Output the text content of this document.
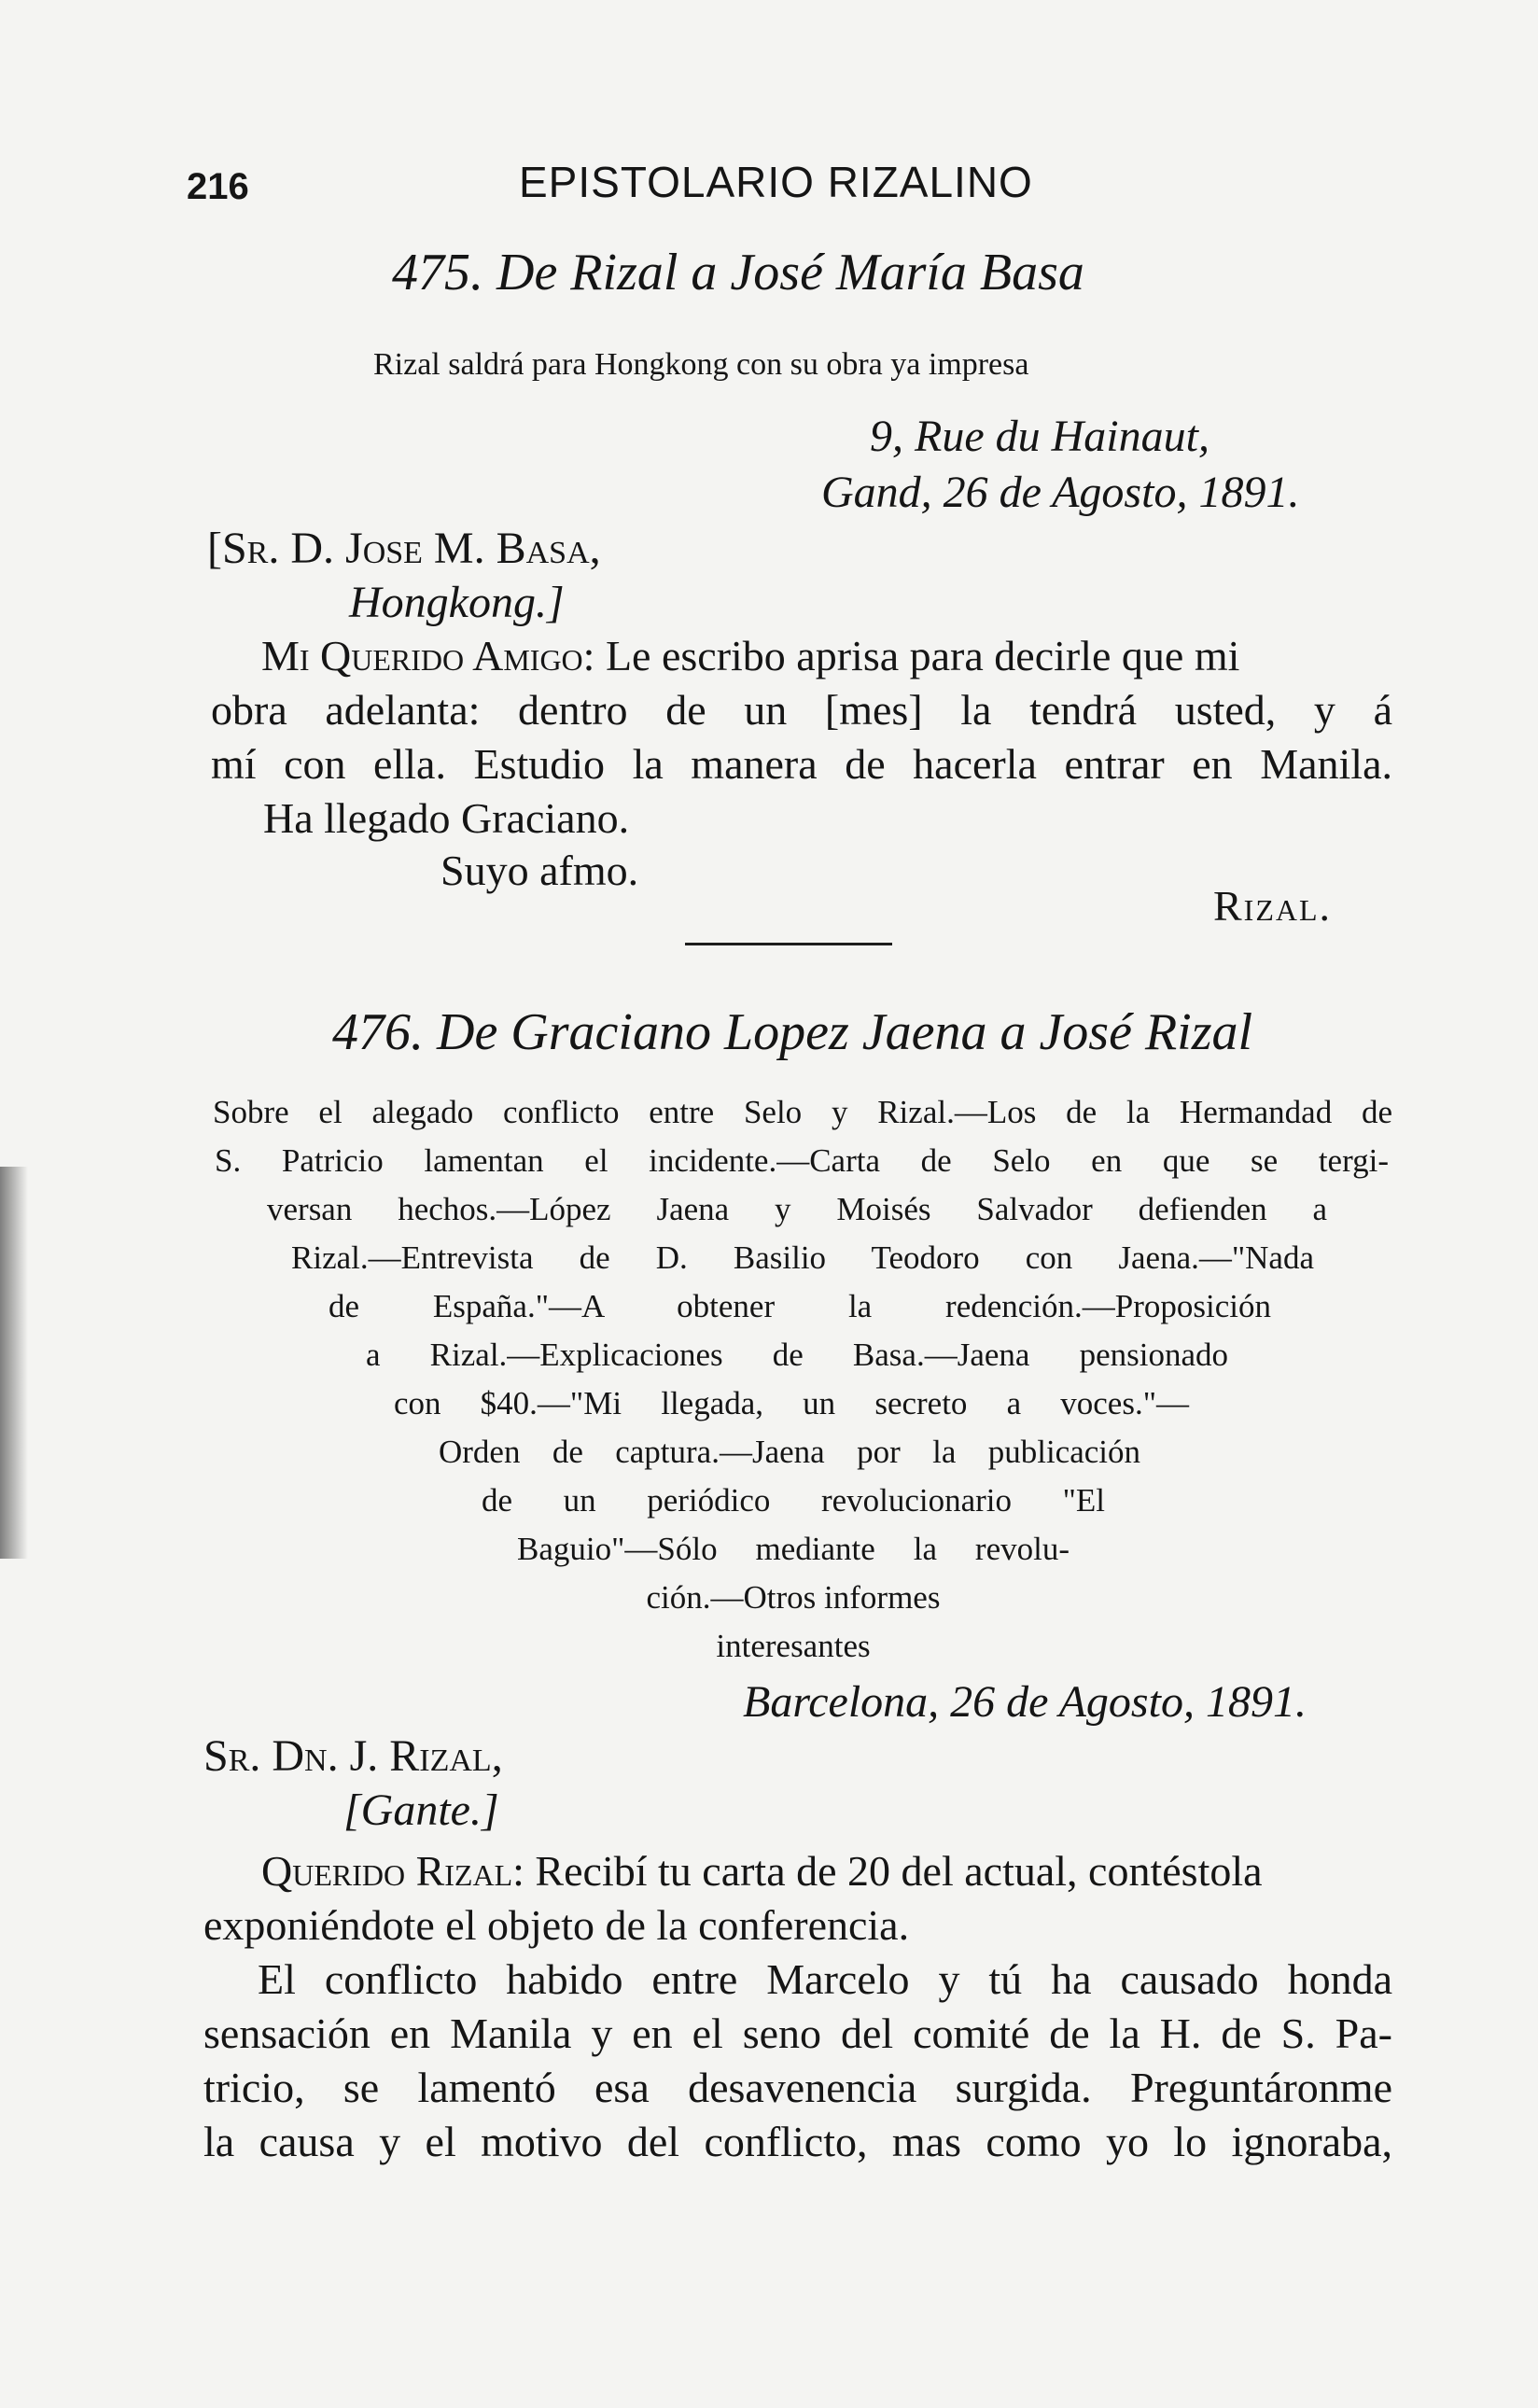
216	EPISTOLARIO RIZALINO
475. De Rizal a José María Basa
Rizal saldrá para Hongkong con su obra ya impresa
9, Rue du Hainaut,
Gand, 26 de Agosto, 1891.
[Sr. D. Jose M. Basa,
Hongkong.]
Mi Querido Amigo: Le escribo aprisa para decirle que mi
obra adelanta: dentro de un [mes] la tendrá usted, y á
mí con ella. Estudio la manera de hacerla entrar en Manila.
Ha llegado Graciano.
Suyo afmo.
Rizal.
476. De Graciano Lopez Jaena a José Rizal
Sobre el alegado conflicto entre Selo y Rizal.—Los de la Hermandad de
S. Patricio lamentan el incidente.—Carta de Selo en que se tergi-
versan hechos.—López Jaena y Moisés Salvador defienden a
Rizal.—Entrevista de D. Basilio Teodoro con Jaena.—"Nada
de España."—A obtener la redención.—Proposición
a Rizal.—Explicaciones de Basa.—Jaena pensionado
con $40.—"Mi llegada, un secreto a voces."—
Orden de captura.—Jaena por la publicación
de un periódico revolucionario "El
Baguio"—Sólo mediante la revolu-
ción.—Otros informes
interesantes
Barcelona, 26 de Agosto, 1891.
Sr. Dn. J. Rizal,
[Gante.]
Querido Rizal: Recibí tu carta de 20 del actual, contéstola
exponiéndote el objeto de la conferencia.
El conflicto habido entre Marcelo y tú ha causado honda
sensación en Manila y en el seno del comité de la H. de S. Pa-
tricio, se lamentó esa desavenencia surgida. Preguntáronme
la causa y el motivo del conflicto, mas como yo lo ignoraba,
